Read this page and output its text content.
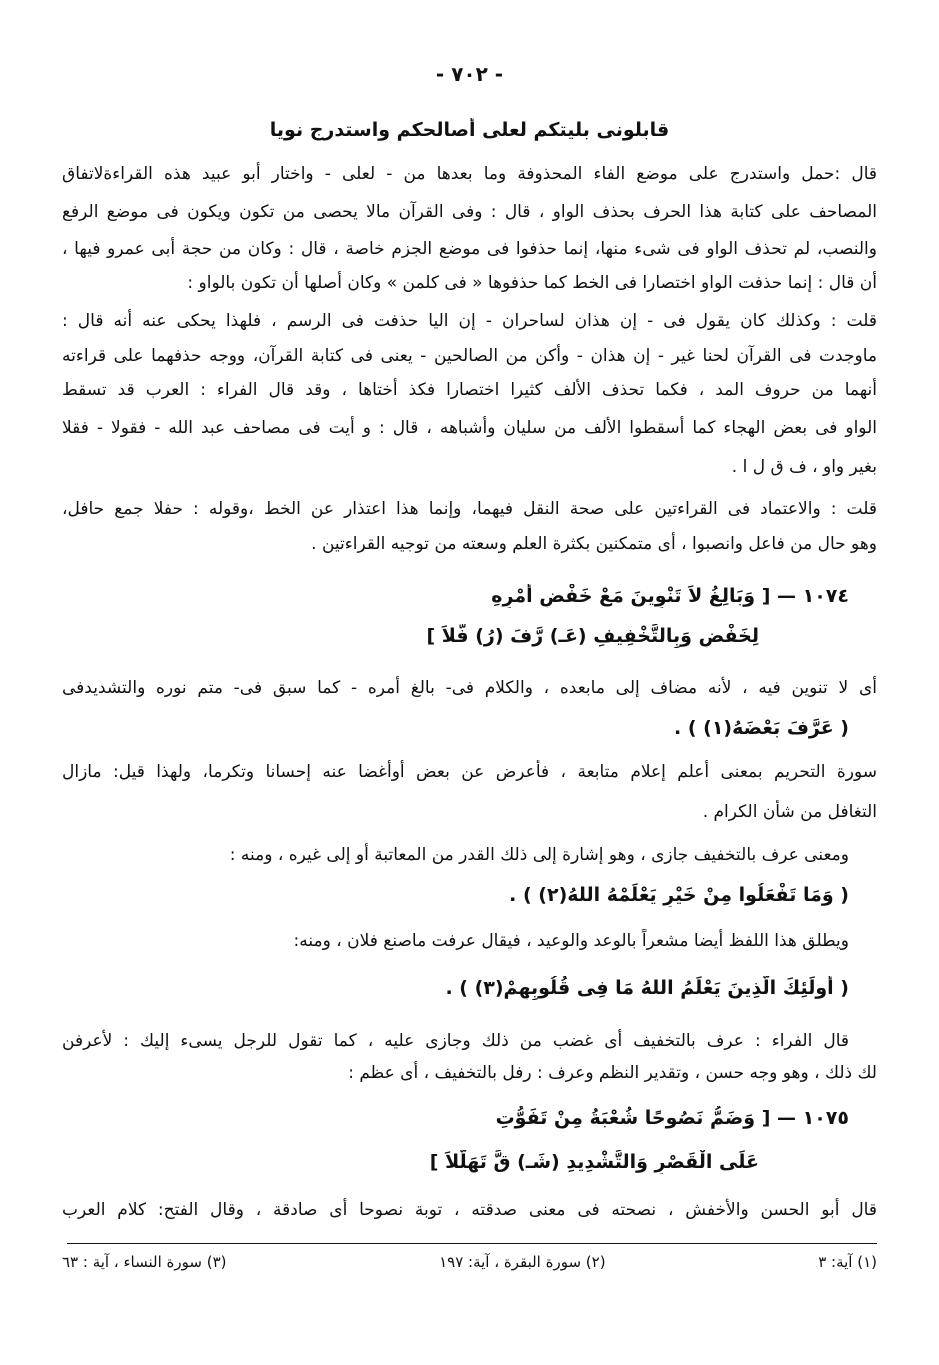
- ٧٠٢ -
قابلونى بليتكم لعلى أصالحكم واستدرج نويا
قال :حمل واستدرج على موضع الفاء المحذوفة وما بعدها من - لعلى - واختار أبو عبيد هذه القراءةلاتفاق
المصاحف على كتابة هذا الحرف بحذف الواو ، قال : وفى القرآن مالا يحصى من تكون ويكون فى موضع الرفع
والنصب، لم تحذف الواو فى شىء منها، إنما حذفوا فى موضع الجزم خاصة ، قال : وكان من حجة أبى عمرو فيها ،
أن قال : إنما حذفت الواو اختصارا فى الخط كما حذفوها « فى كلمن » وكان أصلها أن تكون بالواو :
قلت : وكذلك كان يقول فى - إن هذان لساحران - إن اليا حذفت فى الرسم ، فلهذا يحكى عنه أنه قال :
ماوجدت فى القرآن لحنا غير - إن هذان - وأكن من الصالحين - يعنى فى كتابة القرآن، ووجه حذفهما على قراءته
أنهما من حروف المد ، فكما تحذف الألف كثيرا اختصارا فكذ أختاها ، وقد قال الفراء : العرب قد تسقط
الواو فى بعض الهجاء كما أسقطوا الألف من سليان وأشباهه ، قال : و أيت فى مصاحف عبد الله - فقولا - فقلا
بغير واو ، ف ق ل ا .
قلت : والاعتماد فى القراءتين على صحة النقل فيهما، وإنما هذا اعتذار عن الخط ،وقوله : حفلا جمع حافل،
وهو حال من فاعل وانصبوا ، أى متمكنين بكثرة العلم وسعته من توجيه القراءتين .
١٠٧٤ — [ وَبَالِغُ لاَ تَنْوِينَ مَعْ خَفْضِ أَمْرِهِ
لِخَفْضٍ وَبِالتَّخْفِيفِ (عَـ) رَّفَ (رُ) فَّلاَ ]
أى لا تنوين فيه ، لأنه مضاف إلى مابعده ، والكلام فى- بالغ أمره - كما سبق فى- متم نوره والتشديدفى
( عَرَّفَ بَعْضَهُ(١) ) .
سورة التحريم بمعنى أعلم إعلام متابعة ، فأعرض عن بعض أوأغضا عنه إحسانا وتكرما، ولهذا قيل: مازال
التغافل من شأن الكرام .
ومعنى عرف بالتخفيف جازى ، وهو إشارة إلى ذلك القدر من المعاتبة أو إلى غيره ، ومنه :
( وَمَا تَفْعَلُوا مِنْ خَيْرٍ يَعْلَمْهُ اللهُ(٢) ) .
ويطلق هذا اللفظ أيضا مشعراً بالوعد والوعيد ، فيقال عرفت ماصنع فلان ، ومنه:
( أُولَئِكَ الَّذِينَ يَعْلَمُ اللهُ مَا فِى قُلُوبِهِمْ(٣) ) .
قال الفراء : عرف بالتخفيف أى غضب من ذلك وجازى عليه ، كما تقول للرجل يسىء إليك : لأعرفن
لك ذلك ، وهو وجه حسن ، وتقدير النظم وعرف : رفل بالتخفيف ، أى عظم :
١٠٧٥ — [ وَضَمُّ نَصُوحًا شُعْبَةُ مِنْ تَفَوُّتِ
عَلَى الْقَصْرِ وَالتَّشْدِيدِ (شَـ) قَّ تَهَلُّلاَ ]
قال أبو الحسن والأخفش ، نصحته فى معنى صدقته ، توبة نصوحا أى صادقة ، وقال الفتح: كلام العرب
(١) آية: ٣
(٢) سورة البقرة ، آية: ١٩٧
(٣) سورة النساء ، آية : ٦٣
